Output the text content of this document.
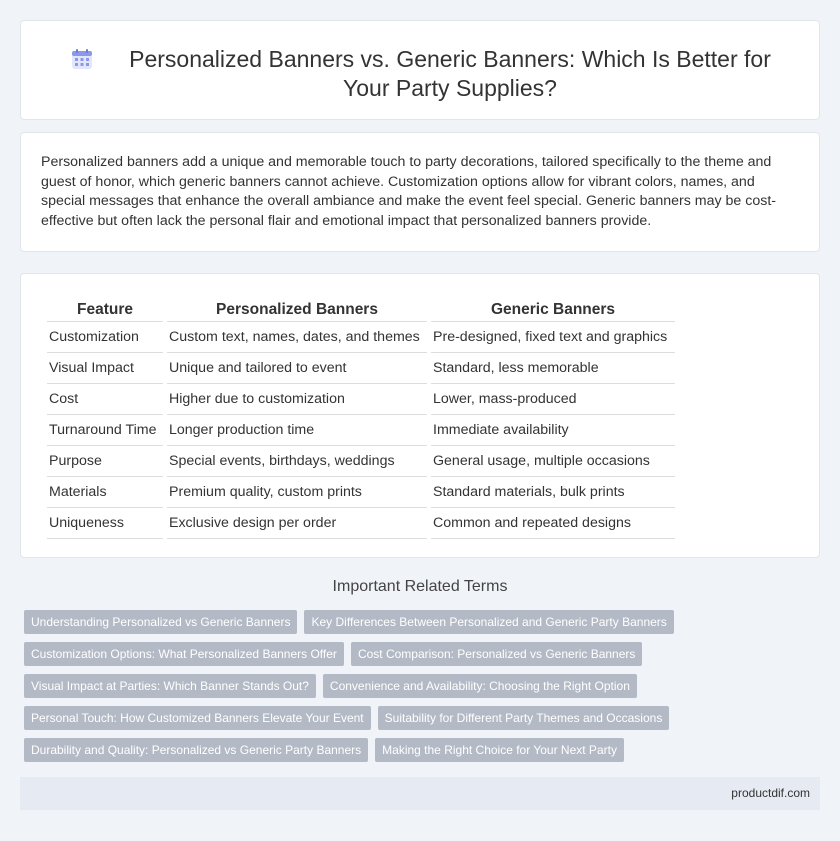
Personalized Banners vs. Generic Banners: Which Is Better for Your Party Supplies?

Personalized banners add a unique and memorable touch to party decorations, tailored specifically to the theme and guest of honor, which generic banners cannot achieve. Customization options allow for vibrant colors, names, and special messages that enhance the overall ambiance and make the event feel special. Generic banners may be cost-effective but often lack the personal flair and emotional impact that personalized banners provide.

Feature	Personalized Banners	Generic Banners
Customization	Custom text, names, dates, and themes	Pre-designed, fixed text and graphics
Visual Impact	Unique and tailored to event	Standard, less memorable
Cost	Higher due to customization	Lower, mass-produced
Turnaround Time	Longer production time	Immediate availability
Purpose	Special events, birthdays, weddings	General usage, multiple occasions
Materials	Premium quality, custom prints	Standard materials, bulk prints
Uniqueness	Exclusive design per order	Common and repeated designs
Important Related Terms
Understanding Personalized vs Generic Banners	Key Differences Between Personalized and Generic Party Banners
Customization Options: What Personalized Banners Offer	Cost Comparison: Personalized vs Generic Banners
Visual Impact at Parties: Which Banner Stands Out?	Convenience and Availability: Choosing the Right Option
Personal Touch: How Customized Banners Elevate Your Event	Suitability for Different Party Themes and Occasions
Durability and Quality: Personalized vs Generic Party Banners	Making the Right Choice for Your Next Party
productdif.com
